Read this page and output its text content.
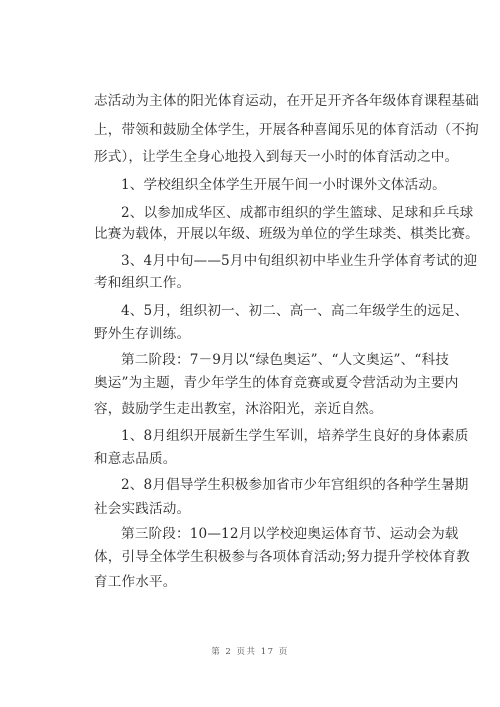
志活动为主体的阳光体育运动，在开足开齐各年级体育课程基础
上，带领和鼓励全体学生，开展各种喜闻乐见的体育活动（不拘
形式），让学生全身心地投入到每天一小时的体育活动之中。
1、学校组织全体学生开展午间一小时课外文体活动。
2、以参加成华区、成都市组织的学生篮球、足球和乒乓球
比赛为载体，开展以年级、班级为单位的学生球类、棋类比赛。
3、4月中旬——5月中旬组织初中毕业生升学体育考试的迎
考和组织工作。
4、5月，组织初一、初二、高一、高二年级学生的远足、
野外生存训练。
第二阶段：7－9月以“绿色奥运”、“人文奥运”、“科技
奥运”为主题，青少年学生的体育竞赛或夏令营活动为主要内
容，鼓励学生走出教室，沐浴阳光，亲近自然。
1、8月组织开展新生学生军训，培养学生良好的身体素质
和意志品质。
2、8月倡导学生积极参加省市少年宫组织的各种学生暑期
社会实践活动。
第三阶段：10—12月以学校迎奥运体育节、运动会为载
体，引导全体学生积极参与各项体育活动;努力提升学校体育教
育工作水平。
第 2 页共 17 页
